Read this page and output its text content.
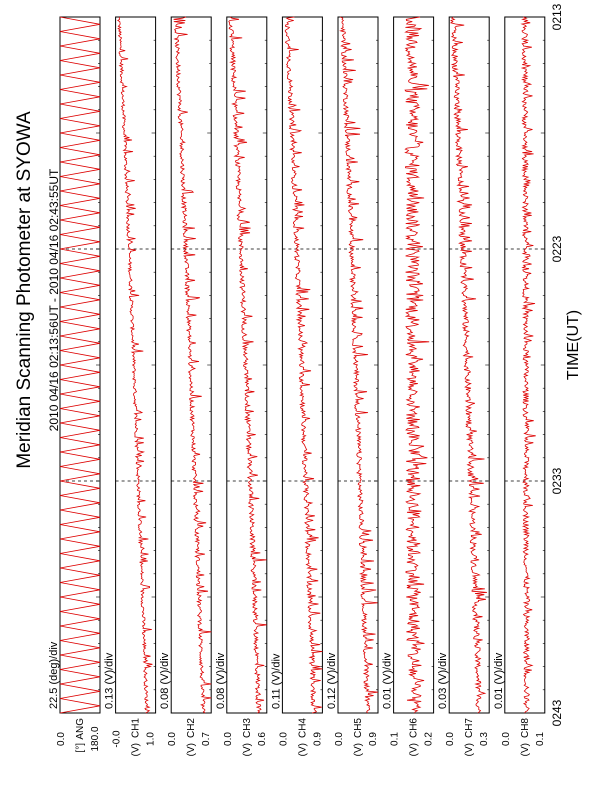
Meridian Scanning Photometer at SYOWA 2010 04/16 02:13:56UT - 2010 04/16 02:43:55UT	TIME(UT)
0.0 180.0
ANG
[°]
22.5 (deg)/div
-0.0 1.0
CH1
(V)
0.13 (V)/div
0.0 0.7
CH2
(V)
0.08 (V)/div
0.0 0.6
CH3
(V)
0.08 (V)/div
0.0 0.9
CH4
(V)
0.11 (V)/div
0.0 0.9
CH5
(V)
0.12 (V)/div
0.1 0.2
CH6
(V)
0.01 (V)/div
0.0 0.3
CH7
(V)
0.03 (V)/div
0.0 0.1
CH8
(V)
0.01 (V)/div
0213
0223
0233
0243
